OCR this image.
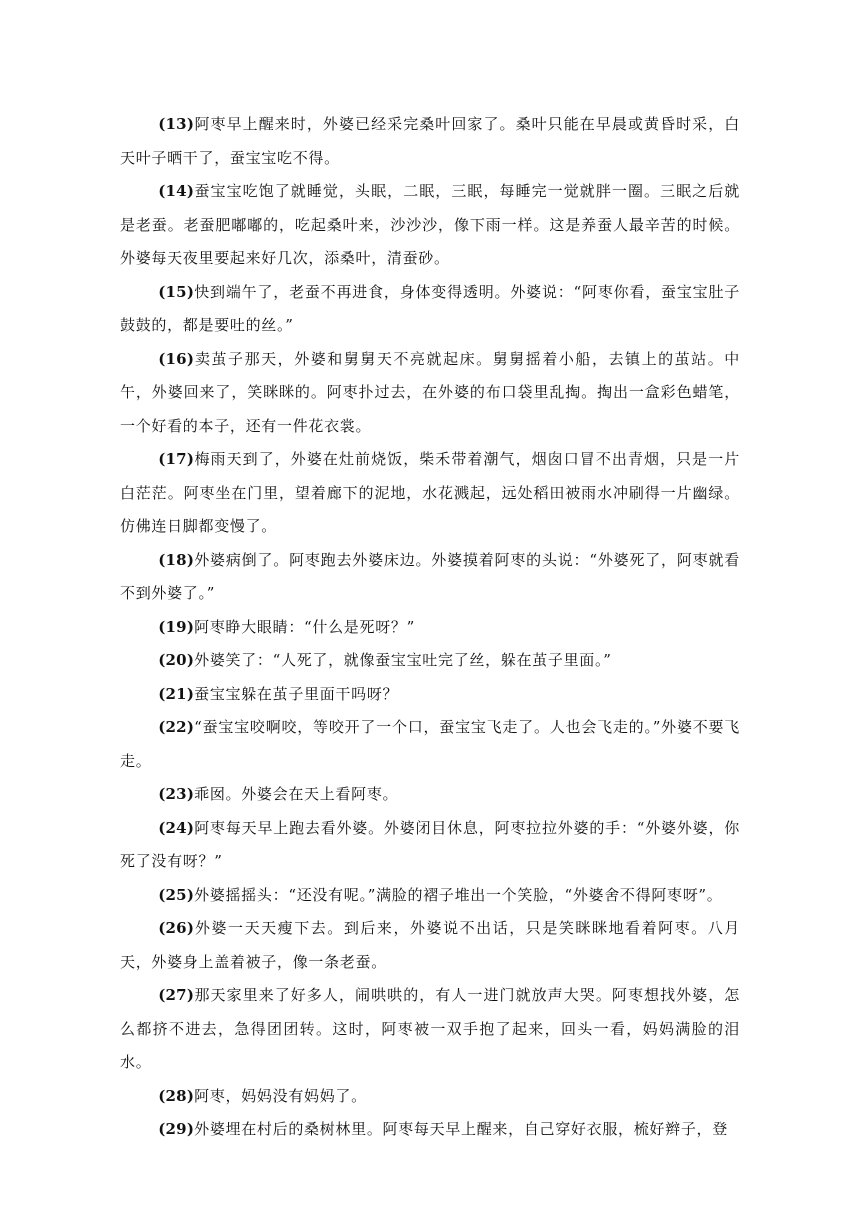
(13)阿枣早上醒来时，外婆已经采完桑叶回家了。桑叶只能在早晨或黄昏时采，白天叶子晒干了，蚕宝宝吃不得。

(14)蚕宝宝吃饱了就睡觉，头眠，二眠，三眠，每睡完一觉就胖一圈。三眠之后就是老蚕。老蚕肥嘟嘟的，吃起桑叶来，沙沙沙，像下雨一样。这是养蚕人最辛苦的时候。外婆每天夜里要起来好几次，添桑叶，清蚕砂。

(15)快到端午了，老蚕不再进食，身体变得透明。外婆说：“阿枣你看，蚕宝宝肚子鼓鼓的，都是要吐的丝。”

(16)卖茧子那天，外婆和舅舅天不亮就起床。舅舅摇着小船，去镇上的茧站。中午，外婆回来了，笑眯眯的。阿枣扑过去，在外婆的布口袋里乱掏。掏出一盒彩色蜡笔，一个好看的本子，还有一件花衣裳。

(17)梅雨天到了，外婆在灶前烧饭，柴禾带着潮气，烟囱口冒不出青烟，只是一片白茫茫。阿枣坐在门里，望着廊下的泥地，水花溅起，远处稻田被雨水冲刷得一片幽绿。仿佛连日脚都变慢了。

(18)外婆病倒了。阿枣跑去外婆床边。外婆摸着阿枣的头说：“外婆死了，阿枣就看不到外婆了。”

(19)阿枣睁大眼睛：“什么是死呀？”

(20)外婆笑了：“人死了，就像蚕宝宝吐完了丝，躲在茧子里面。”

(21)蚕宝宝躲在茧子里面干吗呀？

(22)“蚕宝宝咬啊咬，等咬开了一个口，蚕宝宝飞走了。人也会飞走的。”外婆不要飞走。

(23)乖囡。外婆会在天上看阿枣。

(24)阿枣每天早上跑去看外婆。外婆闭目休息，阿枣拉拉外婆的手：“外婆外婆，你死了没有呀？”

(25)外婆摇摇头：“还没有呢。”满脸的褶子堆出一个笑脸，“外婆舍不得阿枣呀”。

(26)外婆一天天瘦下去。到后来，外婆说不出话，只是笑眯眯地看着阿枣。八月天，外婆身上盖着被子，像一条老蚕。

(27)那天家里来了好多人，闹哄哄的，有人一进门就放声大哭。阿枣想找外婆，怎么都挤不进去，急得团团转。这时，阿枣被一双手抱了起来，回头一看，妈妈满脸的泪水。

(28)阿枣，妈妈没有妈妈了。

(29)外婆埋在村后的桑树林里。阿枣每天早上醒来，自己穿好衣服，梳好辫子，登
